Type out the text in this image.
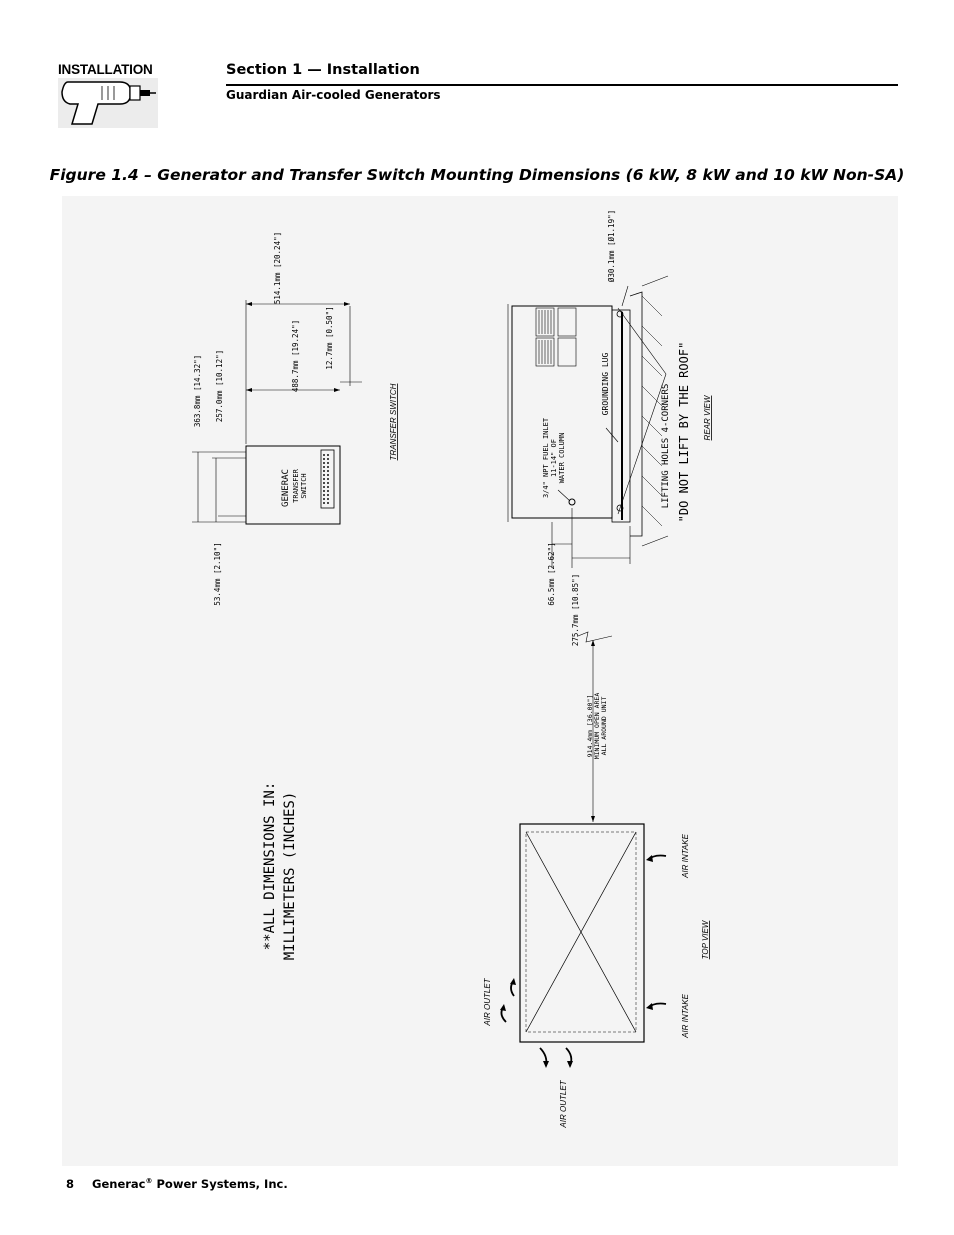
INSTALLATION	Section 1 — Installation
Guardian Air-cooled Generators
Figure 1.4 – Generator and Transfer Switch Mounting Dimensions (6 kW, 8 kW and 10 kW Non-SA)
GENERAC TRANSFER SWITCH
514.1mm [20.24"]
488.7mm [19.24"]	12.7mm [0.50"]
363.8mm [14.32"] 257.0mm [10.12"]
53.4mm [2.10"]
TRANSFER SWITCH	3/4" NPT FUEL INLET 11-14" OF WATER COLUMN
GROUNDING LUG	LIFTING HOLES 4-CORNERS "DO NOT LIFT BY THE ROOF"
Ø30.1mm [Ø1.19"]
66.5mm [2.62"] 275.7mm [10.85"]
REAR VIEW
914.4mm [36.00"] MINIMUM OPEN AREA ALL AROUND UNIT
AIR INTAKE
AIR INTAKE
TOP VIEW
AIR OUTLET
AIR OUTLET
**ALL DIMENSIONS IN: MILLIMETERS (INCHES)
8 Generac® Power Systems, Inc.
